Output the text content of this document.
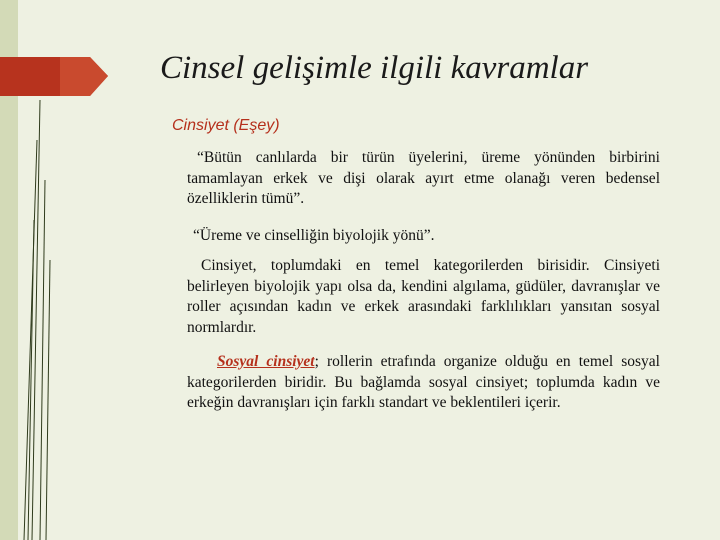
Cinsel gelişimle ilgili kavramlar
Cinsiyet (Eşey)
“Bütün canlılarda bir türün üyelerini, üreme yönünden birbirini tamamlayan erkek ve dişi olarak ayırt etme olanağı veren bedensel özelliklerin tümü”.
“Üreme ve cinselliğin biyolojik yönü”.
Cinsiyet, toplumdaki en temel kategorilerden birisidir. Cinsiyeti belirleyen biyolojik yapı olsa da, kendini algılama, güdüler, davranışlar ve roller açısından kadın ve erkek arasındaki farklılıkları yansıtan sosyal normlardır.
Sosyal cinsiyet; rollerin etrafında organize olduğu en temel sosyal kategorilerden biridir. Bu bağlamda sosyal cinsiyet; toplumda kadın ve erkeğin davranışları için farklı standart ve beklentileri içerir.
